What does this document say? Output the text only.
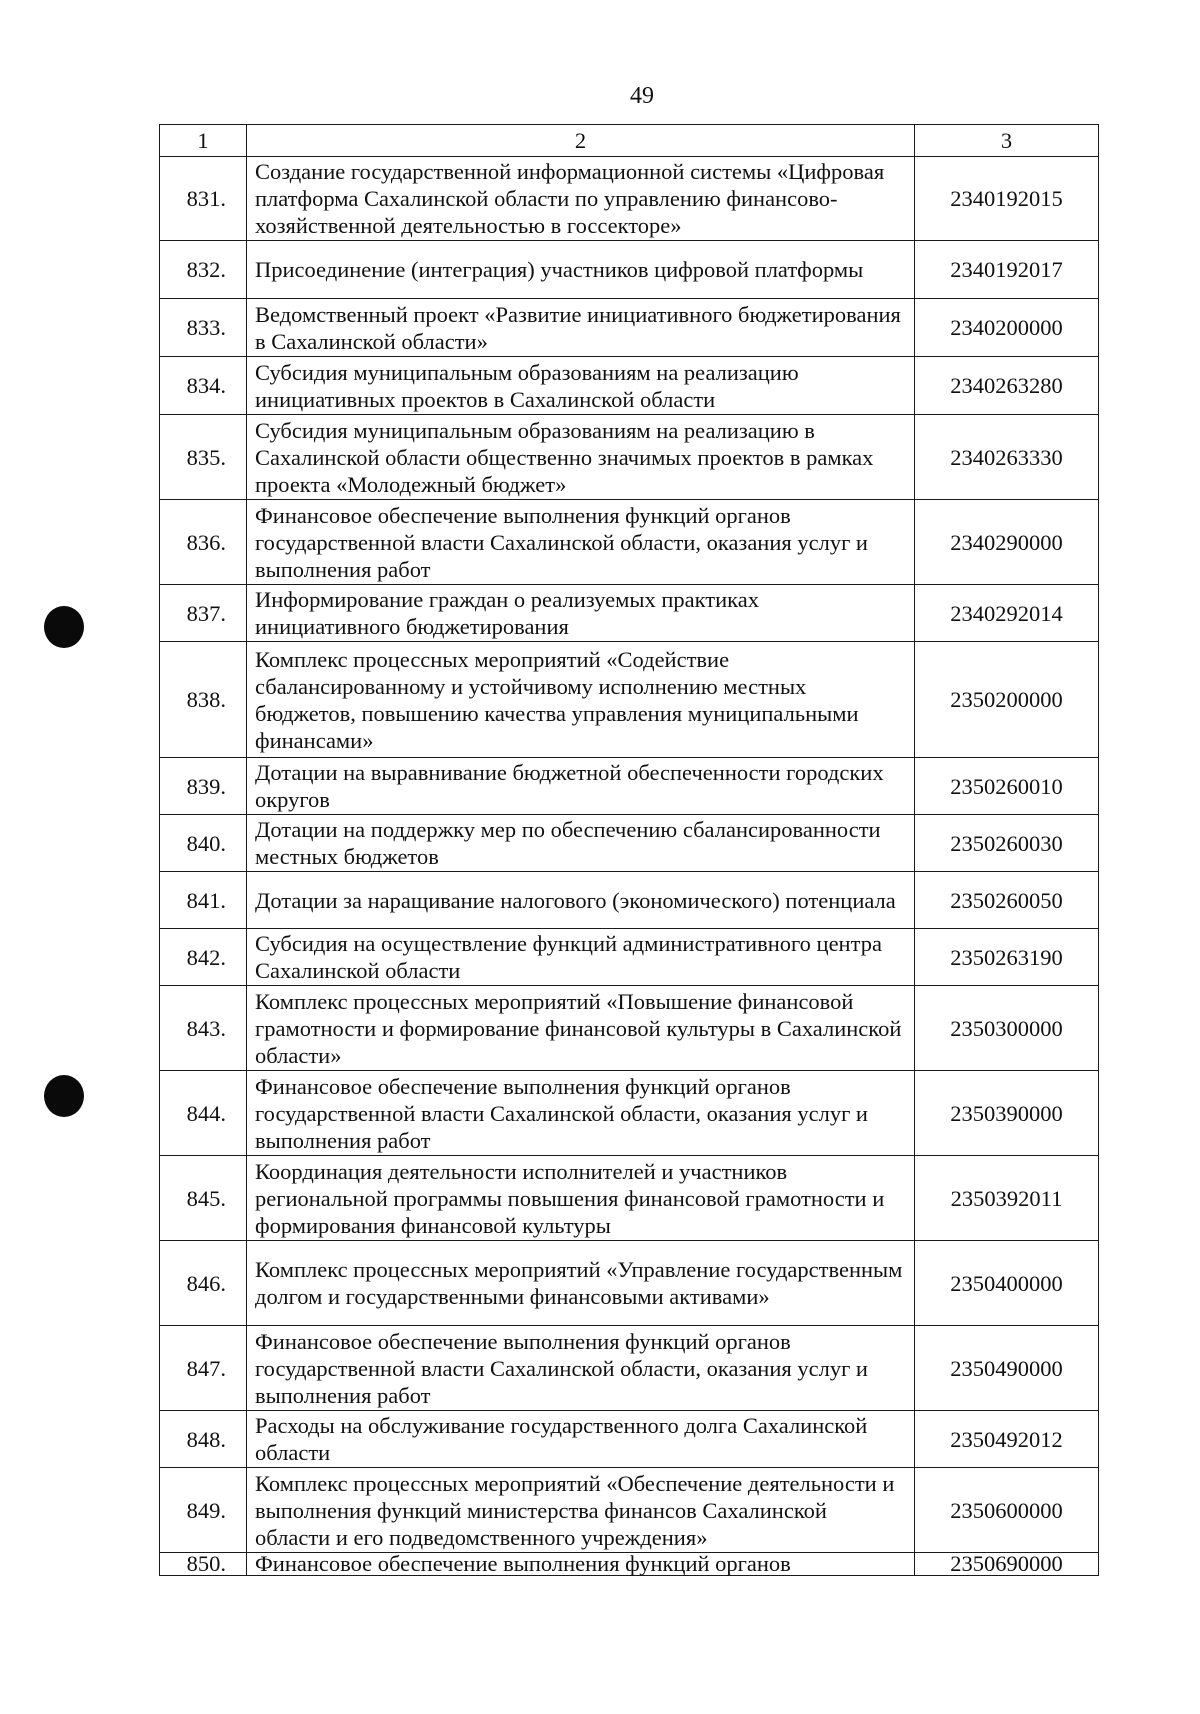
49
1	2	3
831.	Создание государственной информационной системы «Цифровая платформа Сахалинской области по управлению финансово-хозяйственной деятельностью в госсекторе»	2340192015
832.	Присоединение (интеграция) участников цифровой платформы	2340192017
833.	Ведомственный проект «Развитие инициативного бюджетирования в Сахалинской области»	2340200000
834.	Субсидия муниципальным образованиям на реализацию инициативных проектов в Сахалинской области	2340263280
835.	Субсидия муниципальным образованиям на реализацию в Сахалинской области общественно значимых проектов в рамках проекта «Молодежный бюджет»	2340263330
836.	Финансовое обеспечение выполнения функций органов государственной власти Сахалинской области, оказания услуг и выполнения работ	2340290000
837.	Информирование граждан о реализуемых практиках инициативного бюджетирования	2340292014
838.	Комплекс процессных мероприятий «Содействие сбалансированному и устойчивому исполнению местных бюджетов, повышению качества управления муниципальными финансами»	2350200000
839.	Дотации на выравнивание бюджетной обеспеченности городских округов	2350260010
840.	Дотации на поддержку мер по обеспечению сбалансированности местных бюджетов	2350260030
841.	Дотации за наращивание налогового (экономического) потенциала	2350260050
842.	Субсидия на осуществление функций административного центра Сахалинской области	2350263190
843.	Комплекс процессных мероприятий «Повышение финансовой грамотности и формирование финансовой культуры в Сахалинской области»	2350300000
844.	Финансовое обеспечение выполнения функций органов государственной власти Сахалинской области, оказания услуг и выполнения работ	2350390000
845.	Координация деятельности исполнителей и участников региональной программы повышения финансовой грамотности и формирования финансовой культуры	2350392011
846.	Комплекс процессных мероприятий «Управление государственным долгом и государственными финансовыми активами»	2350400000
847.	Финансовое обеспечение выполнения функций органов государственной власти Сахалинской области, оказания услуг и выполнения работ	2350490000
848.	Расходы на обслуживание государственного долга Сахалинской области	2350492012
849.	Комплекс процессных мероприятий «Обеспечение деятельности и выполнения функций министерства финансов Сахалинской области и его подведомственного учреждения»	2350600000
850.	Финансовое обеспечение выполнения функций органов	2350690000
